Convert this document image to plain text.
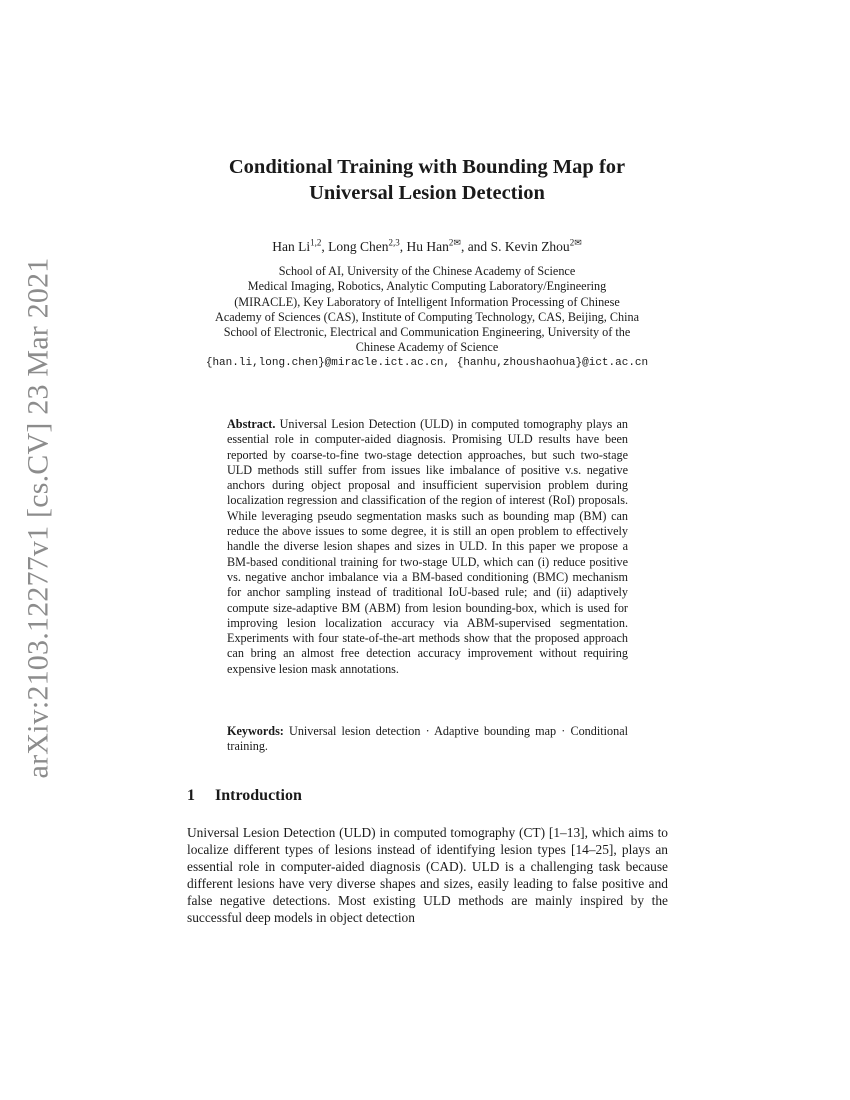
arXiv:2103.12277v1 [cs.CV] 23 Mar 2021
Conditional Training with Bounding Map for
Universal Lesion Detection
Han Li$^{1,2}$, Long Chen$^{2,3}$, Hu Han$^{2✉}$, and S. Kevin Zhou$^{2✉}$
School of AI, University of the Chinese Academy of Science
Medical Imaging, Robotics, Analytic Computing Laboratory/Engineering
(MIRACLE), Key Laboratory of Intelligent Information Processing of Chinese
Academy of Sciences (CAS), Institute of Computing Technology, CAS, Beijing, China
School of Electronic, Electrical and Communication Engineering, University of the
Chinese Academy of Science
{han.li,long.chen}@miracle.ict.ac.cn, {hanhu,zhoushaohua}@ict.ac.cn
Abstract. Universal Lesion Detection (ULD) in computed tomography plays an essential role in computer-aided diagnosis. Promising ULD results have been reported by coarse-to-fine two-stage detection approaches, but such two-stage ULD methods still suffer from issues like imbalance of positive v.s. negative anchors during object proposal and insufficient supervision problem during localization regression and classification of the region of interest (RoI) proposals. While leveraging pseudo segmentation masks such as bounding map (BM) can reduce the above issues to some degree, it is still an open problem to effectively handle the diverse lesion shapes and sizes in ULD. In this paper we propose a BM-based conditional training for two-stage ULD, which can (i) reduce positive vs. negative anchor imbalance via a BM-based conditioning (BMC) mechanism for anchor sampling instead of traditional IoU-based rule; and (ii) adaptively compute size-adaptive BM (ABM) from lesion bounding-box, which is used for improving lesion localization accuracy via ABM-supervised segmentation. Experiments with four state-of-the-art methods show that the proposed approach can bring an almost free detection accuracy improvement without requiring expensive lesion mask annotations.
Keywords: Universal lesion detection · Adaptive bounding map · Conditional training.
1 Introduction
Universal Lesion Detection (ULD) in computed tomography (CT) [1–13], which aims to localize different types of lesions instead of identifying lesion types [14–25], plays an essential role in computer-aided diagnosis (CAD). ULD is a challenging task because different lesions have very diverse shapes and sizes, easily leading to false positive and false negative detections. Most existing ULD methods are mainly inspired by the successful deep models in object detection
